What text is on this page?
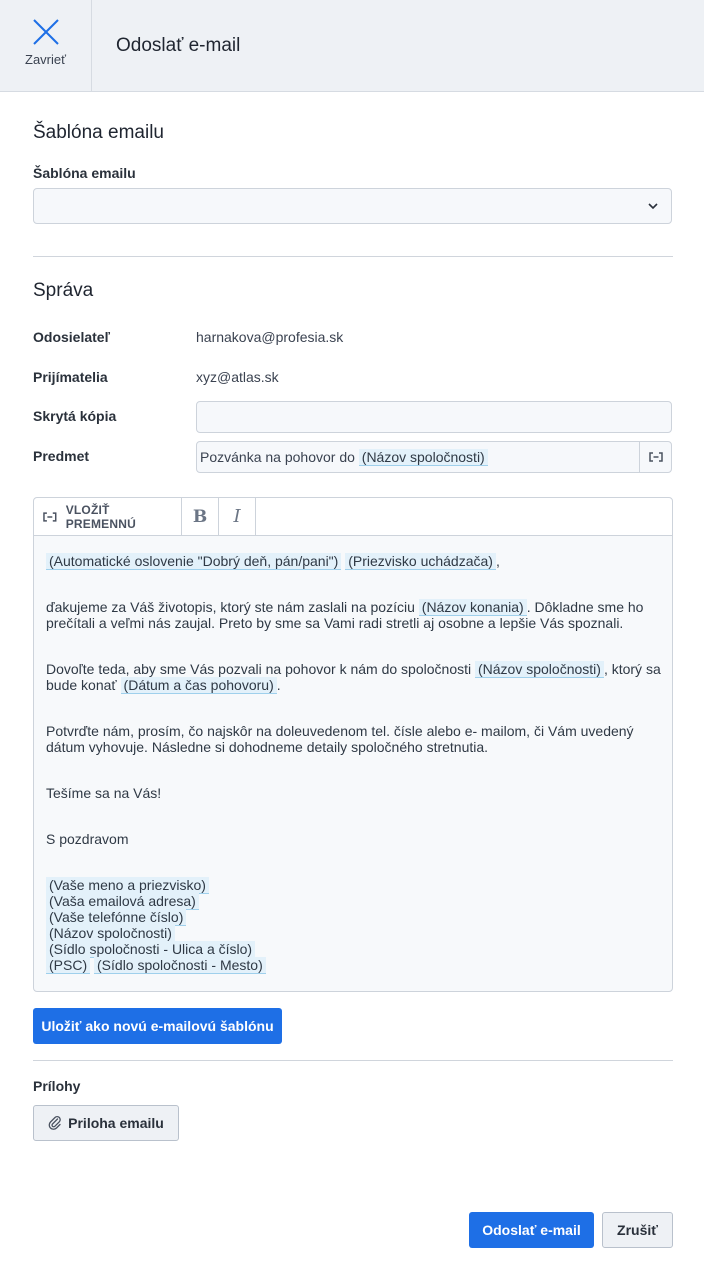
Zavrieť
Odoslať e-mail
Šablóna emailu
Šablóna emailu
Správa
Odosielateľ	harnakova@profesia.sk
Prijímatelia	xyz@atlas.sk
Skrytá kópia
Predmet	Pozvánka na pohovor do (Názov spoločnosti)
VLOŽIŤ PREMENNÚ	B	I
(Automatické oslovenie "Dobrý deň, pán/pani") (Priezvisko uchádzača) ,
ďakujeme za Váš životopis, ktorý ste nám zaslali na pozíciu (Názov konania) . Dôkladne sme ho prečítali a veľmi nás zaujal. Preto by sme sa Vami radi stretli aj osobne a lepšie Vás spoznali.
Dovoľte teda, aby sme Vás pozvali na pohovor k nám do spoločnosti (Názov spoločnosti) , ktorý sa bude konať (Dátum a čas pohovoru) .
Potvrďte nám, prosím, čo najskôr na doleuvedenom tel. čísle alebo e- mailom, či Vám uvedený dátum vyhovuje. Následne si dohodneme detaily spoločného stretnutia.
Tešíme sa na Vás!
S pozdravom
(Vaše meno a priezvisko)
(Vaša emailová adresa)
(Vaše telefónne číslo)
(Názov spoločnosti)
(Sídlo spoločnosti - Ulica a číslo)
(PSC) (Sídlo spoločnosti - Mesto)
Uložiť ako novú e-mailovú šablónu
Prílohy
Priloha emailu
Odoslať e-mail	Zrušiť
